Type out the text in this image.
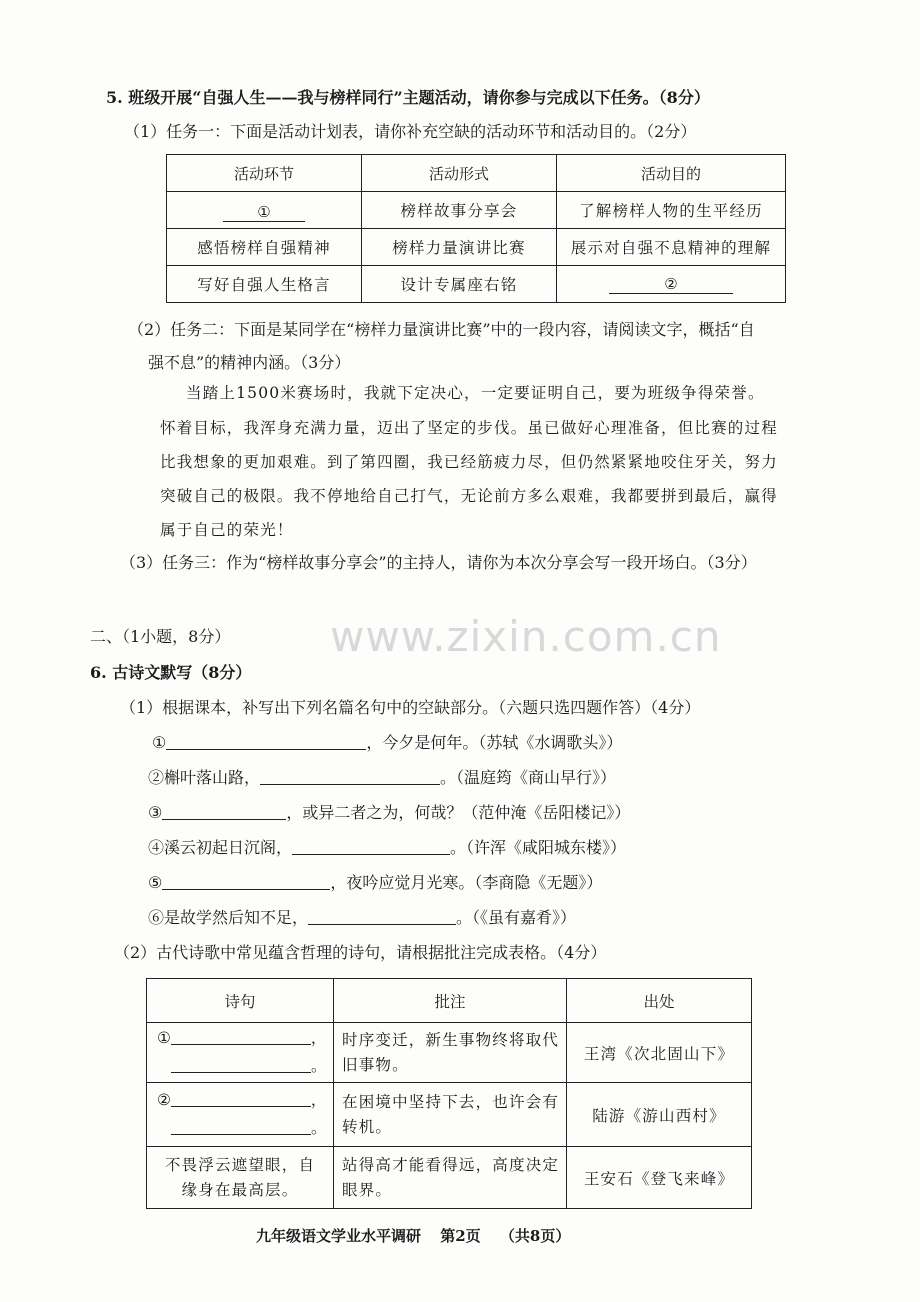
5. 班级开展“自强人生——我与榜样同行”主题活动，请你参与完成以下任务。（8分）
（1）任务一：下面是活动计划表，请你补充空缺的活动环节和活动目的。（2分）
活动环节	活动形式	活动目的
①	榜样故事分享会	了解榜样人物的生平经历
感悟榜样自强精神	榜样力量演讲比赛	展示对自强不息精神的理解
写好自强人生格言	设计专属座右铭	②
（2）任务二：下面是某同学在“榜样力量演讲比赛”中的一段内容，请阅读文字，概括“自
强不息”的精神内涵。（3分）
当踏上1500米赛场时，我就下定决心，一定要证明自己，要为班级争得荣誉。
怀着目标，我浑身充满力量，迈出了坚定的步伐。虽已做好心理准备，但比赛的过程
比我想象的更加艰难。到了第四圈，我已经筋疲力尽，但仍然紧紧地咬住牙关，努力
突破自己的极限。我不停地给自己打气，无论前方多么艰难，我都要拼到最后，赢得
属于自己的荣光！
（3）任务三：作为“榜样故事分享会”的主持人，请你为本次分享会写一段开场白。（3分）
二、（1小题，8分） www.zixin.com.cn
6. 古诗文默写（8分）
（1）根据课本，补写出下列名篇名句中的空缺部分。（六题只选四题作答）（4分）
①	，今夕是何年。（苏轼《水调歌头》）
②槲叶落山路，	。（温庭筠《商山早行》）
③	，或异二者之为，何哉？（范仲淹《岳阳楼记》）
④溪云初起日沉阁，	。（许浑《咸阳城东楼》）
⑤	，夜吟应觉月光寒。（李商隐《无题》）
⑥是故学然后知不足，	。（《虽有嘉肴》）
（2）古代诗歌中常见蕴含哲理的诗句，请根据批注完成表格。（4分）
诗句	批注	出处
① ，
。	时序变迁，新生事物终将取代旧事物。	王湾《次北固山下》
② ，
。	在困境中坚持下去，也许会有转机。	陆游《游山西村》
不畏浮云遮望眼，自缘身在最高层。	站得高才能看得远，高度决定眼界。	王安石《登飞来峰》
九年级语文学业水平调研 第2页 （共8页）
